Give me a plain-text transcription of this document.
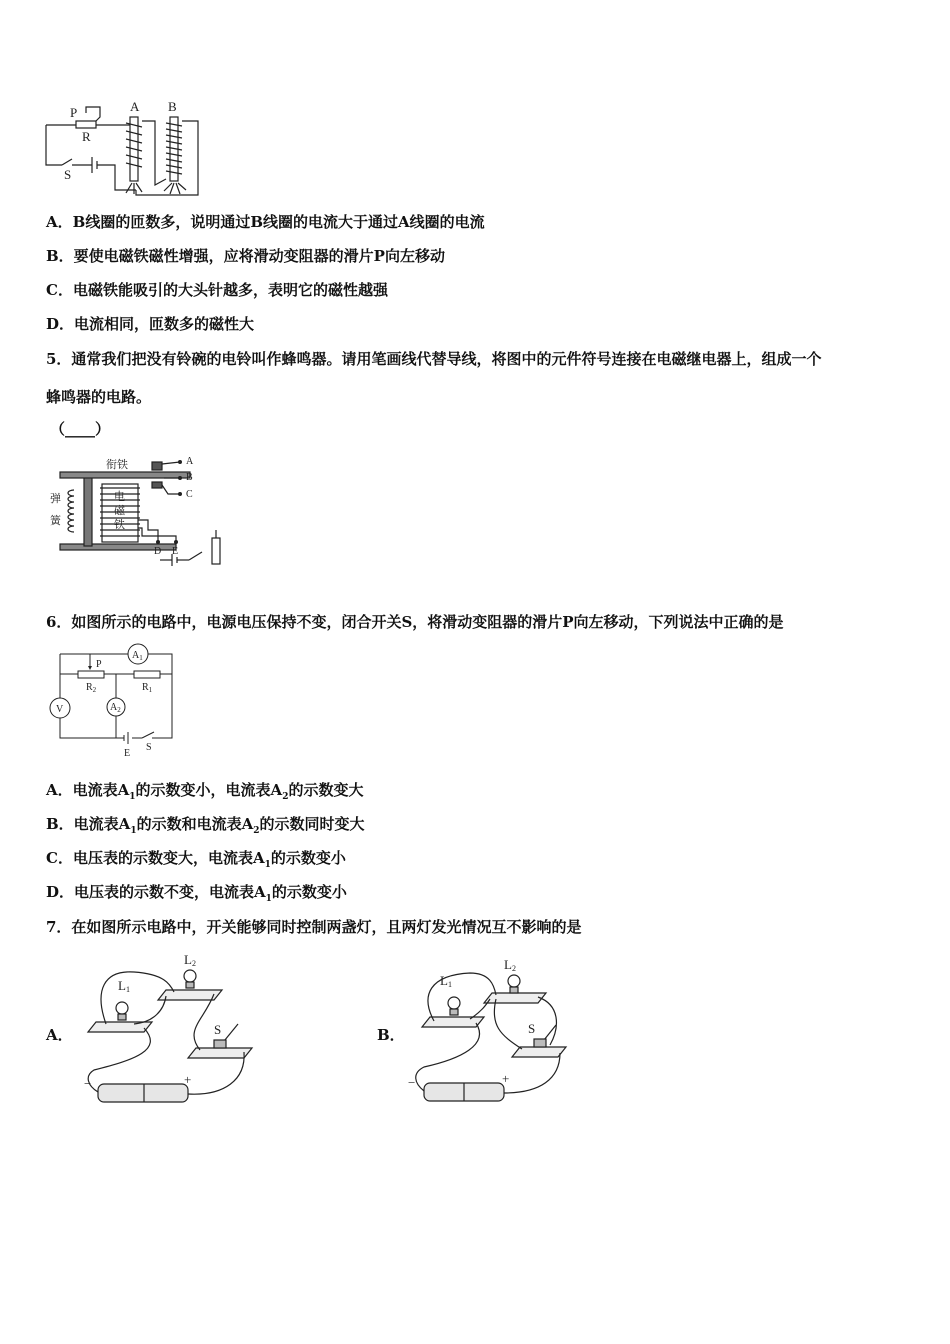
A B
P
R
S
A．B线圈的匝数多，说明通过B线圈的电流大于通过A线圈的电流
B．要使电磁铁磁性增强，应将滑动变阻器的滑片P向左移动
C．电磁铁能吸引的大头针越多，表明它的磁性越强
D．电流相同，匝数多的磁性大
5．通常我们把没有铃碗的电铃叫作蜂鸣器。请用笔画线代替导线，将图中的元件符号连接在电磁继电器上，组成一个
蜂鸣器的电路。
（____）
衔铁
弹
簧
电
磁
铁
A
B
C
D E
6．如图所示的电路中，电源电压保持不变，闭合开关S，将滑动变阻器的滑片P向左移动，下列说法中正确的是
$A_1$
V	$A_2$
P
$R_2$	$R_1$
E
S
A．电流表$A_1$的示数变小，电流表$A_2$的示数变大
B．电流表$A_1$的示数和电流表$A_2$的示数同时变大
C．电压表的示数变大，电流表$A_1$的示数变小
D．电压表的示数不变，电流表$A_1$的示数变小
7．在如图所示电路中，开关能够同时控制两盏灯，且两灯发光情况互不影响的是
A．
L1
L2
S
−	+
B．
L1
L2
S
−	+
